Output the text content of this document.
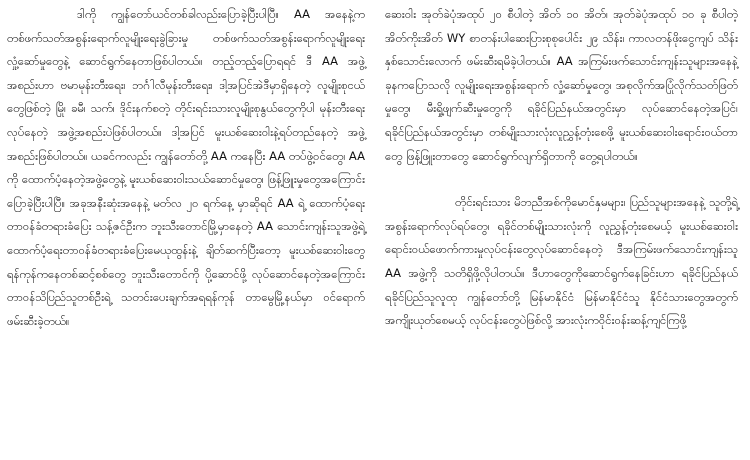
ဒါကို ကျွန်တော်ယင်တစ်ခါလည်းပြောခဲ့ပြီးပါပြီ။ AA အနေနဲ့က တစ်ဖက်သတ်အစွန်းရောက်လူမျိုးရေးခွဲခြားမှု တစ်ဖက်သတ်အစွန်းရောက်လူမျိုးရေးလှုံ့ဆော်မှုတွေနဲ့ ဆောင်ရွက်နေတာဖြစ်ပါတယ်။ တည့်တည့်ပြောရရင် ဒီ AA အဖွဲ့အစည်းဟာ ဗမာမုန်းတီးရေး၊ ဘင်္ဂါလီမုန်းတီးရေး၊ ဒါ့အပြင်အဲဒီမှာရှိနေတဲ့ လူမျိုးစုငယ်တွေဖြစ်တဲ့ မြို၊ ခမီ၊ သက်၊ ဒိုင်းနက်စတဲ့ တိုင်းရင်းသားလူမျိုးစုနွယ်တွေကိုပါ မုန်းတီးရေးလုပ်နေတဲ့ အဖွဲ့အစည်းပဲဖြစ်ပါတယ်။ ဒါ့အပြင် မူးယစ်ဆေးဝါးနဲ့ရပ်တည်နေတဲ့ အဖွဲ့အစည်းဖြစ်ပါတယ်။ ယခင်ကလည်း ကျွန်တော်တို့ AA ကနေပြီး AA တပ်ဖွဲ့ဝင်တွေ၊ AA ကို ထောက်ပံ့နေတဲ့အဖွဲ့တွေနဲ့ မူးယစ်ဆေးဝါးသယ်ဆောင်မှုတွေ၊ ဖြန့်ဖြူးမှုတွေအကြောင်း ပြောခဲ့ပြီးပါပြီ။ အခုအနီးဆုံးအနေနဲ့ မတ်လ ၂၀ ရက်နေ့ မှာဆိုရင် AA ရဲ့ ထောက်ပံ့ရေးတာဝန်ခံတရားခံပြေး သန့်ဇင်ဦးက ဘူးသီးတောင်မြို့မှာနေတဲ့ AA သောင်းကျန်းသူအဖွဲ့ရဲ့ထောက်ပံ့ရေးတာဝန်ခံတရားခံပြေးမေယုထွန်းနဲ့ ချိတ်ဆက်ပြီးတော့ မူးယစ်ဆေးဝါးတွေ ရန်ကုန်ကနေတစ်ဆင့်စစ်တွေ ဘူးသီးတောင်ကို ပို့ဆောင်ဖို့ လုပ်ဆောင်နေတဲ့အကြောင်း တာဝန်သိပြည်သူတစ်ဦးရဲ့ သတင်းပေးချက်အရရန်ကုန် တာမွေမြို့နယ်မှာ ဝင်ရောက်ဖမ်းဆီးခဲ့တယ်။

ဆေးဝါး အုတ်ခဲပုံအထုပ် ၂၀ စီပါတဲ့ အိတ် ၁၀ အိတ်၊ အုတ်ခဲပုံအထုပ် ၁၀ ခု စီပါတဲ့ အိတ်ကိုးအိတ် WY စာတန်းပါဆေးပြားစုစုပေါင်း ၂၉ သိန်း၊ ကာလတန်ဖိုးငွေကျပ် သိန်းနှစ်သောင်းလောက် ဖမ်းဆီးရမိခဲ့ပါတယ်။ AA အကြမ်းဖက်သောင်းကျန်းသူများအနေနဲ့ ခုနကပြောသလို လူမျိုးရေးအစွန်းရောက် လှုံ့ဆော်မှုတွေ၊ အစုလိုက်အပြုံလိုက်သတ်ဖြတ်မှုတွေ၊ မီးရှို့ဖျက်ဆီးမှုတွေကို ရခိုင်ပြည်နယ်အတွင်းမှာ လုပ်ဆောင်နေတဲ့အပြင်၊ ရခိုင်ပြည်နယ်အတွင်းမှာ တစ်မျိုးသားလုံးလူညွှန့်တုံးစေဖို့ မူးယစ်ဆေးဝါးရောင်းဝယ်တာတွေ ဖြန့်ဖြူးတာတွေ ဆောင်ရွက်လျက်ရှိတာကို တွေ့ရပါတယ်။

တိုင်းရင်းသား မိဘညီအစ်ကိုမောင်နှမများ၊ ပြည်သူများအနေနဲ့ သူတို့ရဲ့အစွန်းရောက်လုပ်ရပ်တွေ၊ ရခိုင်တစ်မျိုးသားလုံးကို လူညွှန့်တုံးစေမယ့် မူးယစ်ဆေးဝါးရောင်းဝယ်ဖောက်ကားမှုလုပ်ငန်းတွေလုပ်ဆောင်နေတဲ့ ဒီအကြမ်းဖက်သောင်းကျန်းသူ AA အဖွဲ့ကို သတိရှိဖို့လိုပါတယ်။ ဒီဟာတွေကိုဆောင်ရွက်နေခြင်းဟာ ရခိုင်ပြည်နယ် ရခိုင်ပြည်သူလူထု ကျွန်တော်တို့ မြန်မာနိုင်ငံ မြန်မာနိုင်ငံသူ နိုင်ငံသားတွေအတွက် အကျိုးယုတ်စေမယ့် လုပ်ငန်းတွေပဲဖြစ်လို့ အားလုံးကဝိုင်းဝန်းဆန့်ကျင်ကြဖို့
